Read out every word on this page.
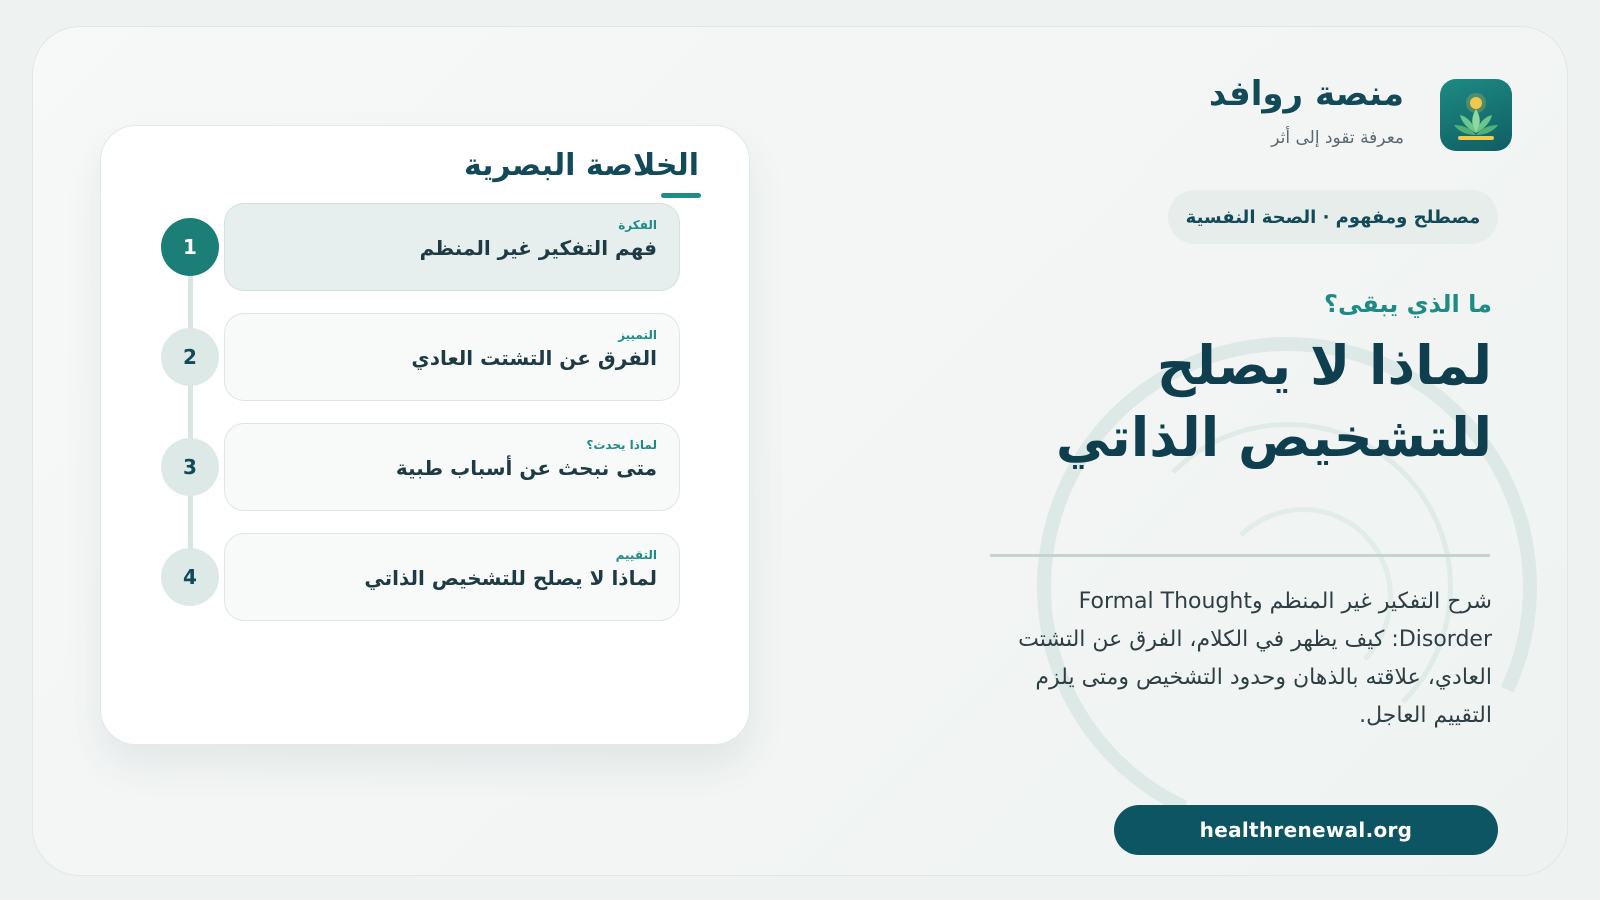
منصة روافد
معرفة تقود إلى أثر
مصطلح ومفهوم · الصحة النفسية
ما الذي يبقى؟
لماذا لا يصلح للتشخيص الذاتي
شرح التفكير غير المنظم وFormal Thought Disorder: كيف يظهر في الكلام، الفرق عن التشتت العادي، علاقته بالذهان وحدود التشخيص ومتى يلزم التقييم العاجل.
healthrenewal.org
الخلاصة البصرية
1
الفكرة
فهم التفكير غير المنظم
2
التمييز
الفرق عن التشتت العادي
3
لماذا يحدث؟
متى نبحث عن أسباب طبية
4
التقييم
لماذا لا يصلح للتشخيص الذاتي
